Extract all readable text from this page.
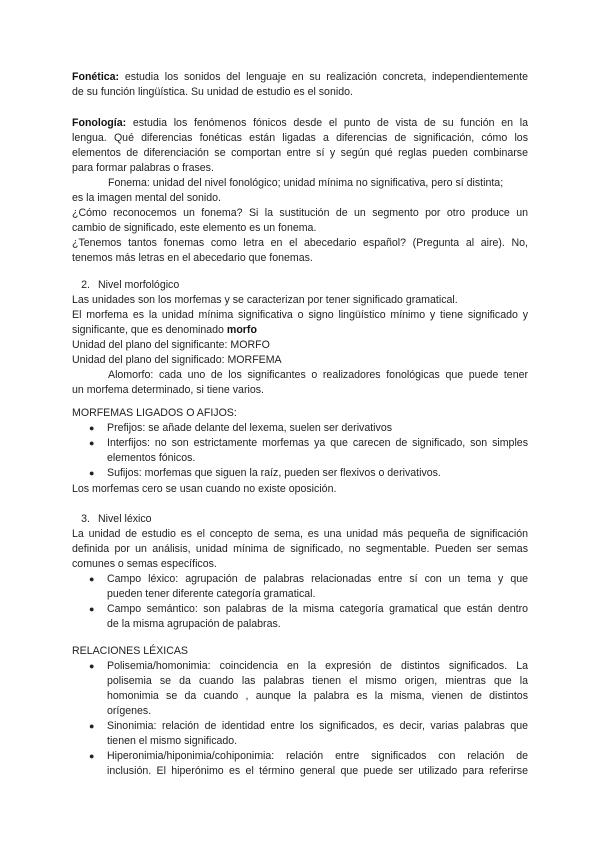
Fonética: estudia los sonidos del lenguaje en su realización concreta, independientemente
de su función lingüística. Su unidad de estudio es el sonido.
Fonología: estudia los fenómenos fónicos desde el punto de vista de su función en la
lengua. Qué diferencias fonéticas están ligadas a diferencias de significación, cómo los
elementos de diferenciación se comportan entre sí y según qué reglas pueden combinarse
para formar palabras o frases.
Fonema: unidad del nivel fonológico; unidad mínima no significativa, pero sí distinta;
es la imagen mental del sonido.
¿Cómo reconocemos un fonema? Si la sustitución de un segmento por otro produce un
cambio de significado, este elemento es un fonema.
¿Tenemos tantos fonemas como letra en el abecedario español? (Pregunta al aire). No,
tenemos más letras en el abecedario que fonemas.
2. Nivel morfológico
Las unidades son los morfemas y se caracterizan por tener significado gramatical.
El morfema es la unidad mínima significativa o signo lingüístico mínimo y tiene significado y
significante, que es denominado morfo
Unidad del plano del significante: MORFO
Unidad del plano del significado: MORFEMA
Alomorfo: cada uno de los significantes o realizadores fonológicas que puede tener
un morfema determinado, si tiene varios.
MORFEMAS LIGADOS O AFIJOS:
● Prefijos: se añade delante del lexema, suelen ser derivativos
● Interfijos: no son estrictamente morfemas ya que carecen de significado, son simples
elementos fónicos.
● Sufijos: morfemas que siguen la raíz, pueden ser flexivos o derivativos.
Los morfemas cero se usan cuando no existe oposición.
3. Nivel léxico
La unidad de estudio es el concepto de sema, es una unidad más pequeña de significación
definida por un análisis, unidad mínima de significado, no segmentable. Pueden ser semas
comunes o semas específicos.
● Campo léxico: agrupación de palabras relacionadas entre sí con un tema y que
pueden tener diferente categoría gramatical.
● Campo semántico: son palabras de la misma categoría gramatical que están dentro
de la misma agrupación de palabras.
RELACIONES LÉXICAS
● Polisemia/homonimia: coincidencia en la expresión de distintos significados. La
polisemia se da cuando las palabras tienen el mismo origen, mientras que la
homonimia se da cuando , aunque la palabra es la misma, vienen de distintos
orígenes.
● Sinonimia: relación de identidad entre los significados, es decir, varias palabras que
tienen el mismo significado.
● Hiperonimia/hiponimia/cohiponimia: relación entre significados con relación de
inclusión. El hiperónimo es el término general que puede ser utilizado para referirse
